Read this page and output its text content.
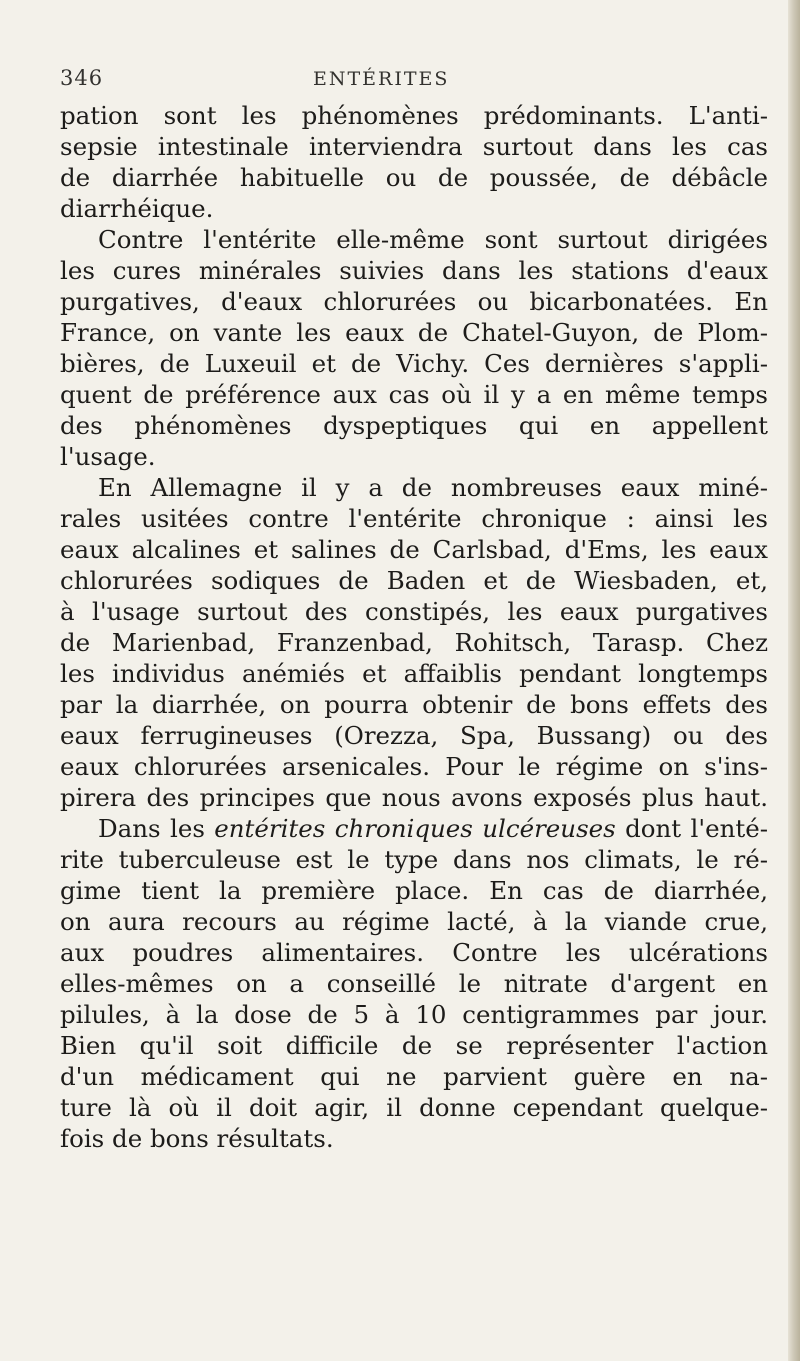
346	ENTÉRITES
pation sont les phénomènes prédominants. L'anti-
sepsie intestinale interviendra surtout dans les cas
de diarrhée habituelle ou de poussée, de débâcle
diarrhéique.
Contre l'entérite elle-même sont surtout dirigées
les cures minérales suivies dans les stations d'eaux
purgatives, d'eaux chlorurées ou bicarbonatées. En
France, on vante les eaux de Chatel-Guyon, de Plom-
bières, de Luxeuil et de Vichy. Ces dernières s'appli-
quent de préférence aux cas où il y a en même temps
des phénomènes dyspeptiques qui en appellent
l'usage.
En Allemagne il y a de nombreuses eaux miné-
rales usitées contre l'entérite chronique : ainsi les
eaux alcalines et salines de Carlsbad, d'Ems, les eaux
chlorurées sodiques de Baden et de Wiesbaden, et,
à l'usage surtout des constipés, les eaux purgatives
de Marienbad, Franzenbad, Rohitsch, Tarasp. Chez
les individus anémiés et affaiblis pendant longtemps
par la diarrhée, on pourra obtenir de bons effets des
eaux ferrugineuses (Orezza, Spa, Bussang) ou des
eaux chlorurées arsenicales. Pour le régime on s'ins-
pirera des principes que nous avons exposés plus haut.
Dans les entérites chroniques ulcéreuses dont l'enté-
rite tuberculeuse est le type dans nos climats, le ré-
gime tient la première place. En cas de diarrhée,
on aura recours au régime lacté, à la viande crue,
aux poudres alimentaires. Contre les ulcérations
elles-mêmes on a conseillé le nitrate d'argent en
pilules, à la dose de 5 à 10 centigrammes par jour.
Bien qu'il soit difficile de se représenter l'action
d'un médicament qui ne parvient guère en na-
ture là où il doit agir, il donne cependant quelque-
fois de bons résultats.
